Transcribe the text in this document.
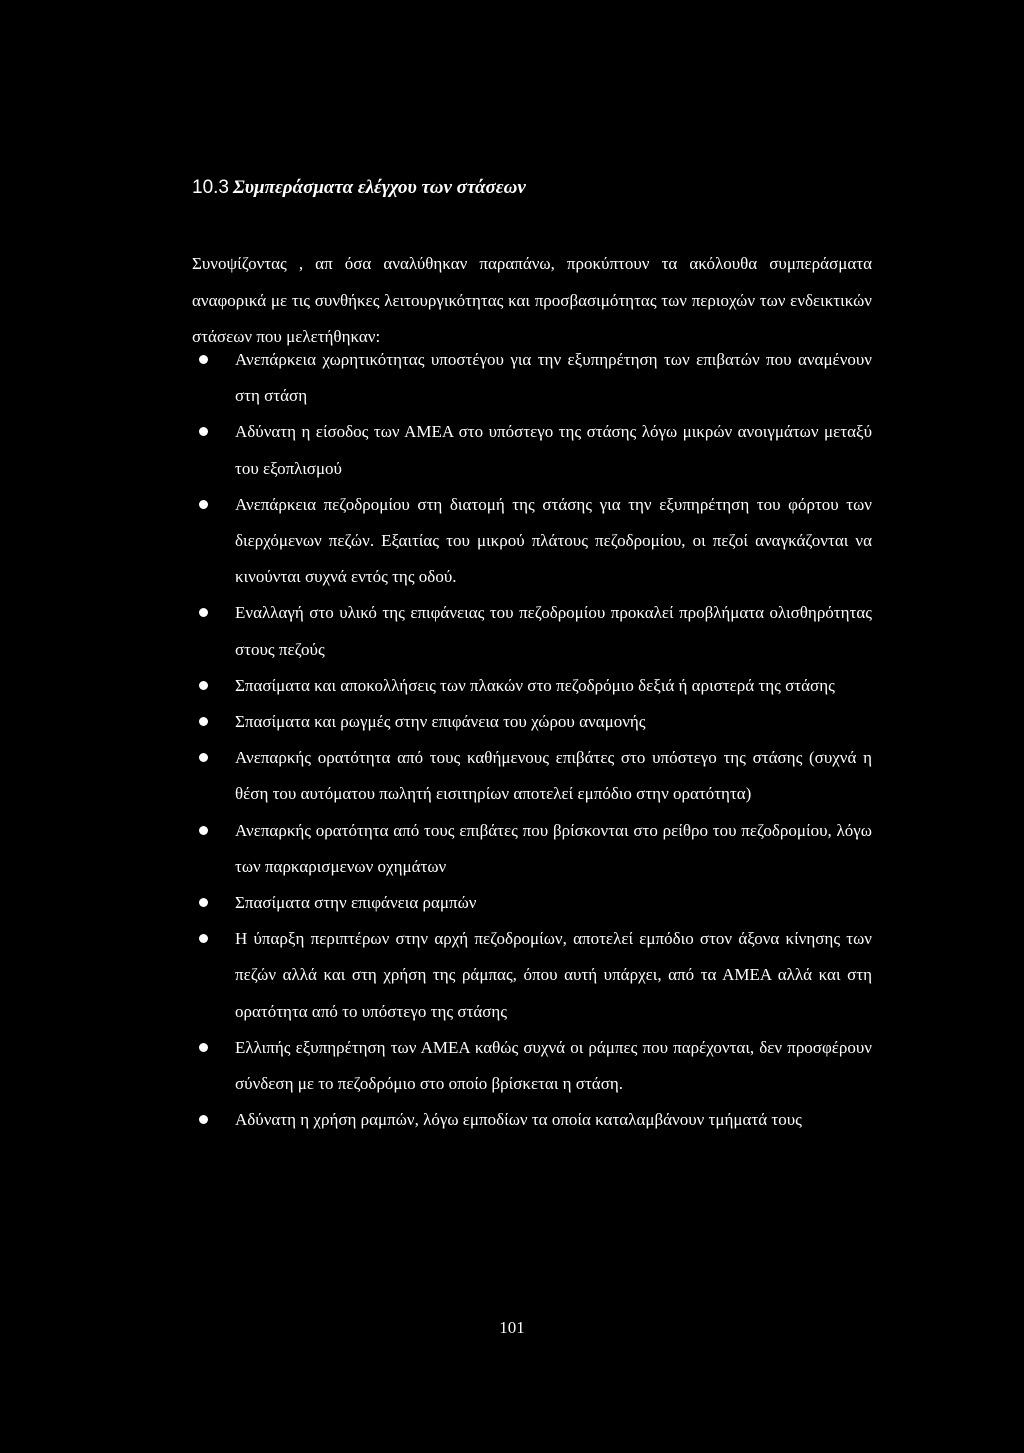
10.3 Συμπεράσματα ελέγχου των στάσεων

Συνοψίζοντας , απ όσα αναλύθηκαν παραπάνω, προκύπτουν τα ακόλουθα συμπεράσματα αναφορικά με τις συνθήκες λειτουργικότητας και προσβασιμότητας των περιοχών των ενδεικτικών στάσεων που μελετήθηκαν:

Ανεπάρκεια χωρητικότητας υποστέγου για την εξυπηρέτηση των επιβατών που αναμένουν στη στάση
Αδύνατη η είσοδος των ΑΜΕΑ στο υπόστεγο της στάσης λόγω μικρών ανοιγμάτων μεταξύ του εξοπλισμού
Ανεπάρκεια πεζοδρομίου στη διατομή της στάσης για την εξυπηρέτηση του φόρτου των διερχόμενων πεζών. Εξαιτίας του μικρού πλάτους πεζοδρομίου, οι πεζοί αναγκάζονται να κινούνται συχνά εντός της οδού.
Εναλλαγή στο υλικό της επιφάνειας του πεζοδρομίου προκαλεί προβλήματα ολισθηρότητας στους πεζούς
Σπασίματα και αποκολλήσεις των πλακών στο πεζοδρόμιο δεξιά ή αριστερά της στάσης
Σπασίματα και ρωγμές στην επιφάνεια του χώρου αναμονής
Ανεπαρκής ορατότητα από τους καθήμενους επιβάτες στο υπόστεγο της στάσης (συχνά η θέση του αυτόματου πωλητή εισιτηρίων αποτελεί εμπόδιο στην ορατότητα)
Ανεπαρκής ορατότητα από τους επιβάτες που βρίσκονται στο ρείθρο του πεζοδρομίου, λόγω των παρκαρισμενων οχημάτων
Σπασίματα στην επιφάνεια ραμπών
Η ύπαρξη περιπτέρων στην αρχή πεζοδρομίων, αποτελεί εμπόδιο στον άξονα κίνησης των πεζών αλλά και στη χρήση της ράμπας, όπου αυτή υπάρχει, από τα ΑΜΕΑ αλλά και στη ορατότητα από το υπόστεγο της στάσης
Ελλιπής εξυπηρέτηση των ΑΜΕΑ καθώς συχνά οι ράμπες που παρέχονται, δεν προσφέρουν σύνδεση με το πεζοδρόμιο στο οποίο βρίσκεται η στάση.
Αδύνατη η χρήση ραμπών, λόγω εμποδίων τα οποία καταλαμβάνουν τμήματά τους
101
